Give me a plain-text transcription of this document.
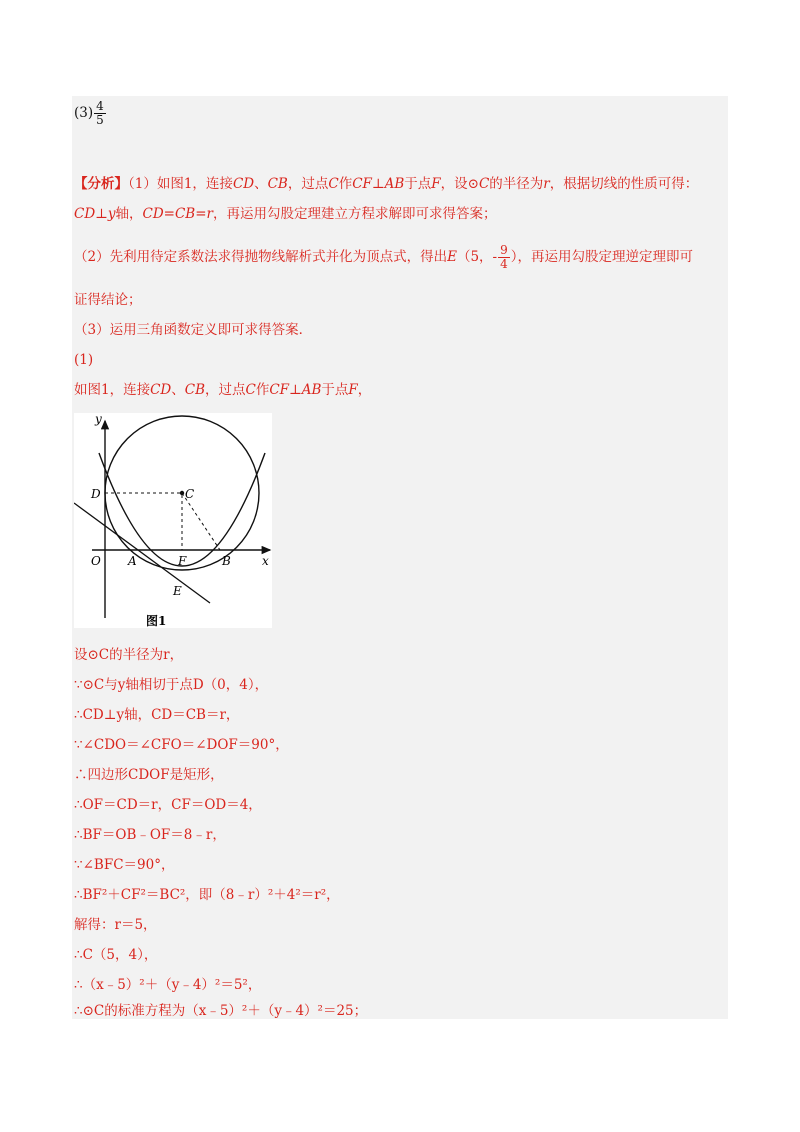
$(3) \frac{4}{5}$
【分析】（1）如图1，连接CD、CB，过点C作CF⊥AB于点F，设⊙C的半径为r，根据切线的性质可得：
CD⊥y轴，CD=CB=r，再运用勾股定理建立方程求解即可求得答案；
（2）先利用待定系数法求得抛物线解析式并化为顶点式，得出E（5，- $\frac{9}{4}$ ），再运用勾股定理逆定理即可
证得结论；
（3）运用三角函数定义即可求得答案．
(1)
如图1，连接CD、CB，过点C作CF⊥AB于点F，
y
x
O
D	C
A	F	B
E
图1
设⊙C的半径为r，
∵⊙C与y轴相切于点D（0，4），
∴CD⊥y轴，CD＝CB＝r，
∵∠CDO＝∠CFO＝∠DOF＝90°，
∴四边形CDOF是矩形，
∴OF＝CD＝r，CF＝OD＝4，
∴BF＝OB﹣OF＝8﹣r，
∵∠BFC＝90°，
∴BF²＋CF²＝BC²，即（8﹣r）²＋4²＝r²，
解得：r＝5，
∴C（5，4），
∴（x﹣5）²＋（y﹣4）²＝5²，
∴⊙C的标准方程为（x﹣5）²＋（y﹣4）²＝25；
